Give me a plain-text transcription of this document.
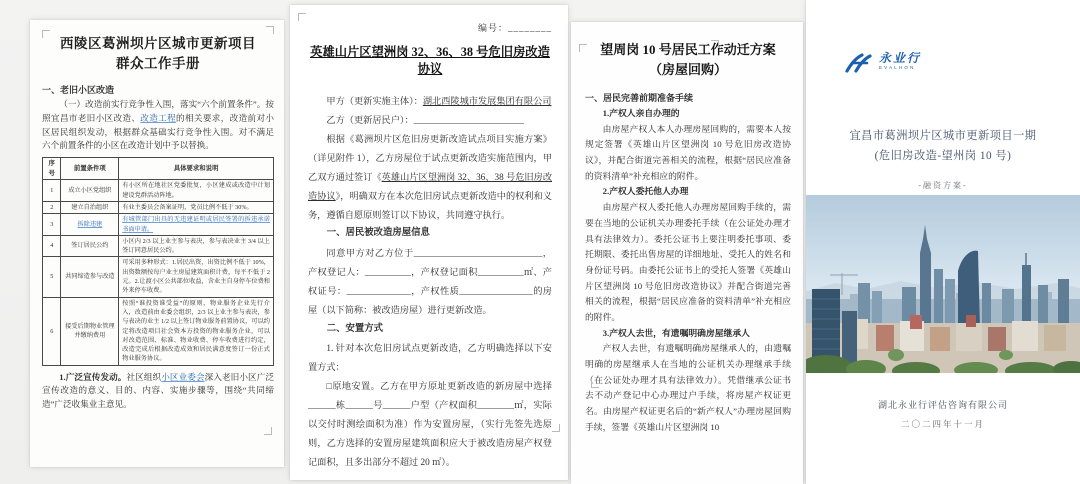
西陵区葛洲坝片区城市更新项目
群众工作手册
一、老旧小区改造

（一）改造前实行竞争性入围，落实“六个前置条件”。按照宜昌市老旧小区改造、改造工程的相关要求，改造前对小区居民组织发动，根据群众基础实行竞争性入围。对不满足六个前置条件的小区在改造计划中予以替换。

序号	前置条件项	具体要求和说明
1	成立小区党组织	有小区所在地社区党委批复，小区建成或改造中计划建设党群活动阵地。
2	建立自治组织	有业主委员会备案证明，党员比例不低于 30%。
3	拆除违建	有城管部门出具的无违建证明或居民签署的拆违承诺书面申请。
4	签订居民公约	小区内 2/3 以上业主参与表决，参与表决业主 3/4 以上签订同意居民公约。
5	共同缔造参与改造	可采用多种形式：1.居民出资，出资比例不低于 10%，出资数额按每户业主房屋建筑面积计费，每平不低于 2 元。2.让渡小区公共部位收益，含业主自身停车位费和外来停车收费。
6	接受后期物业管理并缴纳费用	按照“谁投资谁受益”的原则，物业服务企业先行介入，改造前由业委会组织，2/3 以上业主参与表决，参与表决的业主 1/2 以上签订物业服务前置协议，可以约定将改造项目社会资本方投资的物业服务企业，可以对改造范围、标准、物业收费、停车收费进行约定，改造完成后根据改造成效和居民满意度签订一份正式物业服务协议。

1.广泛宣传发动。社区组织小区业委会深入老旧小区广泛宣传改造的意义、目的、内容、实施步骤等，围绕“共同缔造”广泛收集业主意见。

编号：________
英雄山片区望洲岗 32、36、38 号危旧房改造协议
甲方（更新实施主体）：湖北西陵城市发展集团有限公司
乙方（更新居民户）：________________________
根据《葛洲坝片区危旧房更新改造试点项目实施方案》（详见附件 1），乙方房屋位于试点更新改造实施范围内，甲乙双方通过签订《英雄山片区望洲岗 32、36、38 号危旧房改造协议》，明确双方在本次危旧房试点更新改造中的权利和义务，遵循自愿原则签订以下协议，共同遵守执行。
一、居民被改造房屋信息
同意甲方对乙方位于____________________________，产权登记人：__________，产权登记面积__________㎡、产权证号：______________，产权性质________________的房屋（以下简称：被改造房屋）进行更新改造。
二、安置方式
1. 针对本次危旧房试点更新改造，乙方明确选择以下安置方式：
□原地安置。乙方在甲方原址更新改造的新房屋中选择______栋______号______户型（产权面积________㎡，实际以交付时测绘面积为准）作为安置房屋，（实行先签先选原则，乙方选择的安置房屋建筑面积应大于被改造房屋产权登记面积，且多出部分不超过 20 ㎡）。
望周岗 10 号居民工作动迁方案
（房屋回购）
一、居民完善前期准备手续
1.产权人亲自办理的

由房屋产权人本人办理房屋回购的，需要本人按规定签署《英雄山片区望洲岗 10 号危旧房改造协议》，并配合街道完善相关的流程，根据“居民应准备的资料清单”补充相应的附件。

2.产权人委托他人办理

由房屋产权人委托他人办理房屋回购手续的，需要在当地的公证机关办理委托手续（在公证处办理才具有法律效力）。委托公证书上要注明委托事项、委托期限、委托出售房屋的详细地址、受托人的姓名和身份证号码。由委托公证书上的受托人签署《英雄山片区望洲岗 10 号危旧房改造协议》并配合街道完善相关的流程，根据“居民应准备的资料清单”补充相应的附件。

3.产权人去世，有遗嘱明确房屋继承人

产权人去世，有遗嘱明确房屋继承人的，由遗嘱明确的房屋继承人在当地的公证机关办理继承手续（在公证处办理才具有法律效力）。凭借继承公证书去不动产登记中心办理过户手续，将房屋产权证更名。由房屋产权证更名后的“新产权人”办理房屋回购手续，签署《英雄山片区望洲岗 10

永业行
EVALHON
宜昌市葛洲坝片区城市更新项目一期
(危旧房改造-望州岗 10 号)
-融资方案-
湖北永业行评估咨询有限公司
二〇二四年十一月
